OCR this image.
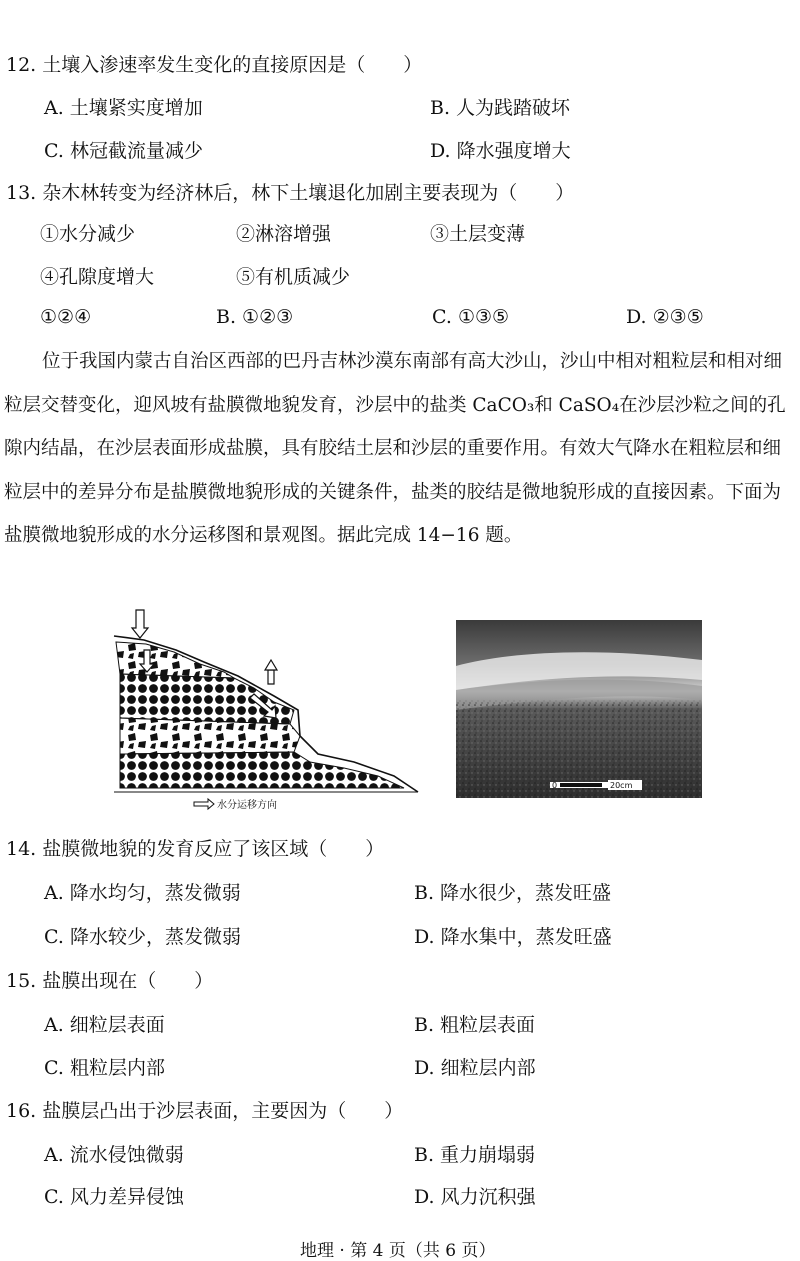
12. 土壤入渗速率发生变化的直接原因是（　　）
A. 土壤紧实度增加	B. 人为践踏破坏
C. 林冠截流量减少	D. 降水强度增大
13. 杂木林转变为经济林后，林下土壤退化加剧主要表现为（　　）
①水分减少	②淋溶增强	③土层变薄
④孔隙度增大	⑤有机质减少
①②④	B. ①②③	C. ①③⑤	D. ②③⑤
位于我国内蒙古自治区西部的巴丹吉林沙漠东南部有高大沙山，沙山中相对粗粒层和相对细粒层交替变化，迎风坡有盐膜微地貌发育，沙层中的盐类 CaCO₃和 CaSO₄在沙层沙粒之间的孔隙内结晶，在沙层表面形成盐膜，具有胶结土层和沙层的重要作用。有效大气降水在粗粒层和细粒层中的差异分布是盐膜微地貌形成的关键条件，盐类的胶结是微地貌形成的直接因素。下面为盐膜微地貌形成的水分运移图和景观图。据此完成 14−16 题。
水分运移方向
0	20cm
14. 盐膜微地貌的发育反应了该区域（　　）
A. 降水均匀，蒸发微弱	B. 降水很少，蒸发旺盛
C. 降水较少，蒸发微弱	D. 降水集中，蒸发旺盛
15. 盐膜出现在（　　）
A. 细粒层表面	B. 粗粒层表面
C. 粗粒层内部	D. 细粒层内部
16. 盐膜层凸出于沙层表面，主要因为（　　）
A. 流水侵蚀微弱	B. 重力崩塌弱
C. 风力差异侵蚀	D. 风力沉积强
地理 · 第 4 页（共 6 页）
